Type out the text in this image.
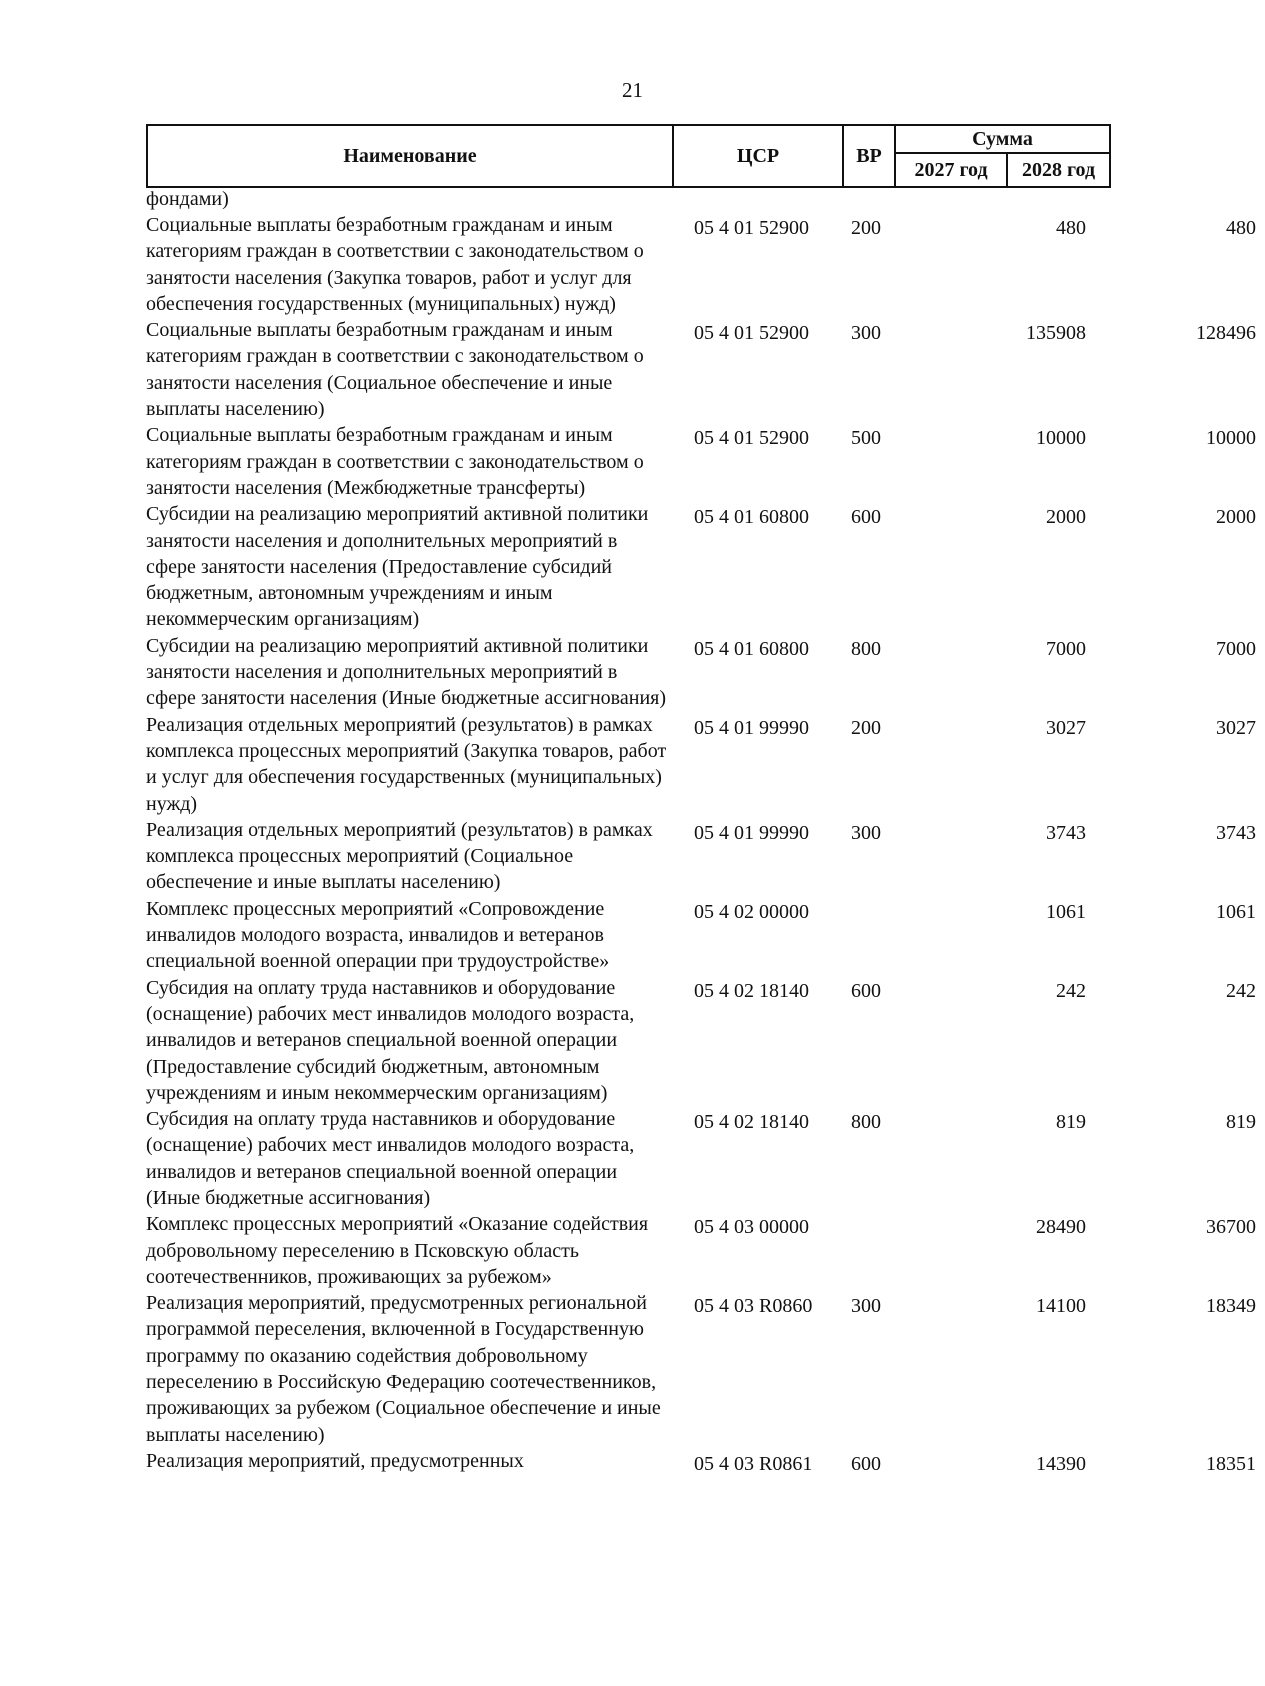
21
Наименование	ЦСР	ВР
Сумма
2027 год	2028 год
фондами)
Социальные выплаты безработным гражданам и иным категориям граждан в соответствии с законодательством о занятости населения (Закупка товаров, работ и услуг для обеспечения государственных (муниципальных) нужд)
05 4 01 52900 200	480	480
Социальные выплаты безработным гражданам и иным категориям граждан в соответствии с законодательством о занятости населения (Социальное обеспечение и иные выплаты населению)
05 4 01 52900 300	135908	128496
Социальные выплаты безработным гражданам и иным категориям граждан в соответствии с законодательством о занятости населения (Межбюджетные трансферты)
05 4 01 52900 500	10000	10000
Субсидии на реализацию мероприятий активной политики занятости населения и дополнительных мероприятий в сфере занятости населения (Предоставление субсидий бюджетным, автономным учреждениям и иным некоммерческим организациям)
05 4 01 60800 600	2000	2000
Субсидии на реализацию мероприятий активной политики занятости населения и дополнительных мероприятий в сфере занятости населения (Иные бюджетные ассигнования)
05 4 01 60800 800	7000	7000
Реализация отдельных мероприятий (результатов) в рамках комплекса процессных мероприятий (Закупка товаров, работ и услуг для обеспечения государственных (муниципальных) нужд)
05 4 01 99990 200	3027	3027
Реализация отдельных мероприятий (результатов) в рамках комплекса процессных мероприятий (Социальное обеспечение и иные выплаты населению)
05 4 01 99990 300	3743	3743
Комплекс процессных мероприятий «Сопровождение инвалидов молодого возраста, инвалидов и ветеранов специальной военной операции при трудоустройстве»
05 4 02 00000	1061	1061
Субсидия на оплату труда наставников и оборудование (оснащение) рабочих мест инвалидов молодого возраста, инвалидов и ветеранов специальной военной операции (Предоставление субсидий бюджетным, автономным учреждениям и иным некоммерческим организациям)
05 4 02 18140 600	242	242
Субсидия на оплату труда наставников и оборудование (оснащение) рабочих мест инвалидов молодого возраста, инвалидов и ветеранов специальной военной операции (Иные бюджетные ассигнования)
05 4 02 18140 800	819	819
Комплекс процессных мероприятий «Оказание содействия добровольному переселению в Псковскую область соотечественников, проживающих за рубежом»
05 4 03 00000	28490	36700
Реализация мероприятий, предусмотренных региональной программой переселения, включенной в Государственную программу по оказанию содействия добровольному переселению в Российскую Федерацию соотечественников, проживающих за рубежом (Социальное обеспечение и иные выплаты населению)
05 4 03 R0860 300	14100	18349
Реализация мероприятий, предусмотренных	05 4 03 R0861 600	14390	18351
